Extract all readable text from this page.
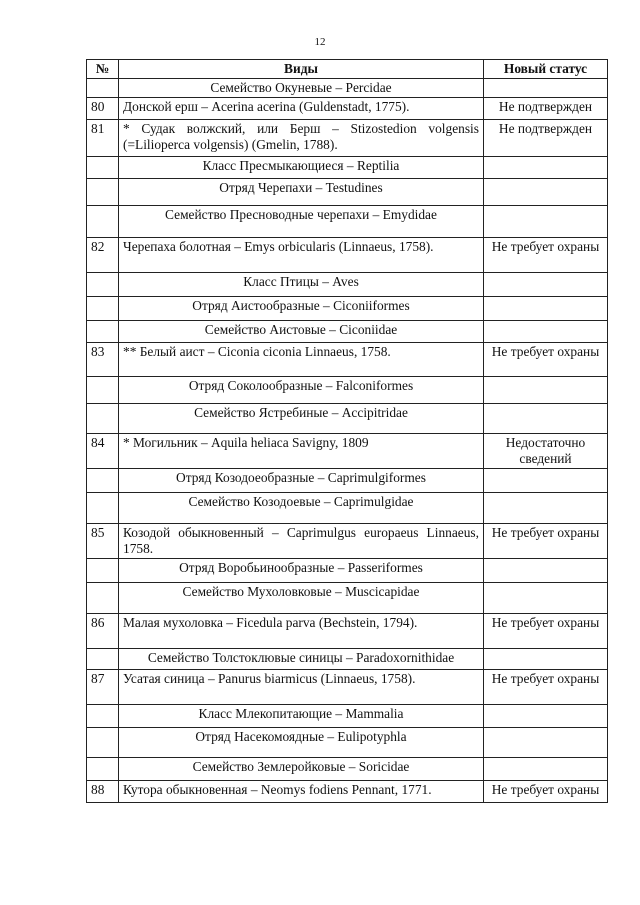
12
№	Виды	Новый статус
	Семейство Окуневые – Percidae	
80	Донской ерш – Acerina acerina (Guldenstadt, 1775).	Не подтвержден
81	* Судак волжский, или Берш – Stizostedion volgensis (=Lilioperca volgensis) (Gmelin, 1788).	Не подтвержден
	Класс Пресмыкающиеся – Reptilia	
	Отряд Черепахи – Testudines	
	Семейство Пресноводные черепахи – Emydidae	
82	Черепаха болотная – Emys orbicularis (Linnaeus, 1758).	Не требует охраны
	Класс Птицы – Aves	
	Отряд Аистообразные – Ciconiiformes	
	Семейство Аистовые – Ciconiidae	
83	** Белый аист – Ciconia ciconia Linnaeus, 1758.	Не требует охраны
	Отряд Соколообразные – Falconiformes	
	Семейство Ястребиные – Accipitridae	
84	* Могильник – Aquila heliaca Savigny, 1809	Недостаточно сведений
	Отряд Козодоеобразные – Caprimulgiformes	
	Семейство Козодоевые – Caprimulgidae	
85	Козодой обыкновенный – Caprimulgus europaeus Linnaeus, 1758.	Не требует охраны
	Отряд Воробьинообразные – Passeriformes	
	Семейство Мухоловковые – Muscicapidae	
86	Малая мухоловка – Ficedula parva (Bechstein, 1794).	Не требует охраны
	Семейство Толстоклювые синицы – Paradoxornithidae	
87	Усатая синица – Panurus biarmicus (Linnaeus, 1758).	Не требует охраны
	Класс Млекопитающие – Mammalia	
	Отряд Насекомоядные – Eulipotyphla	
	Семейство Землеройковые – Soricidae	
88	Кутора обыкновенная – Neomys fodiens Pennant, 1771.	Не требует охраны
